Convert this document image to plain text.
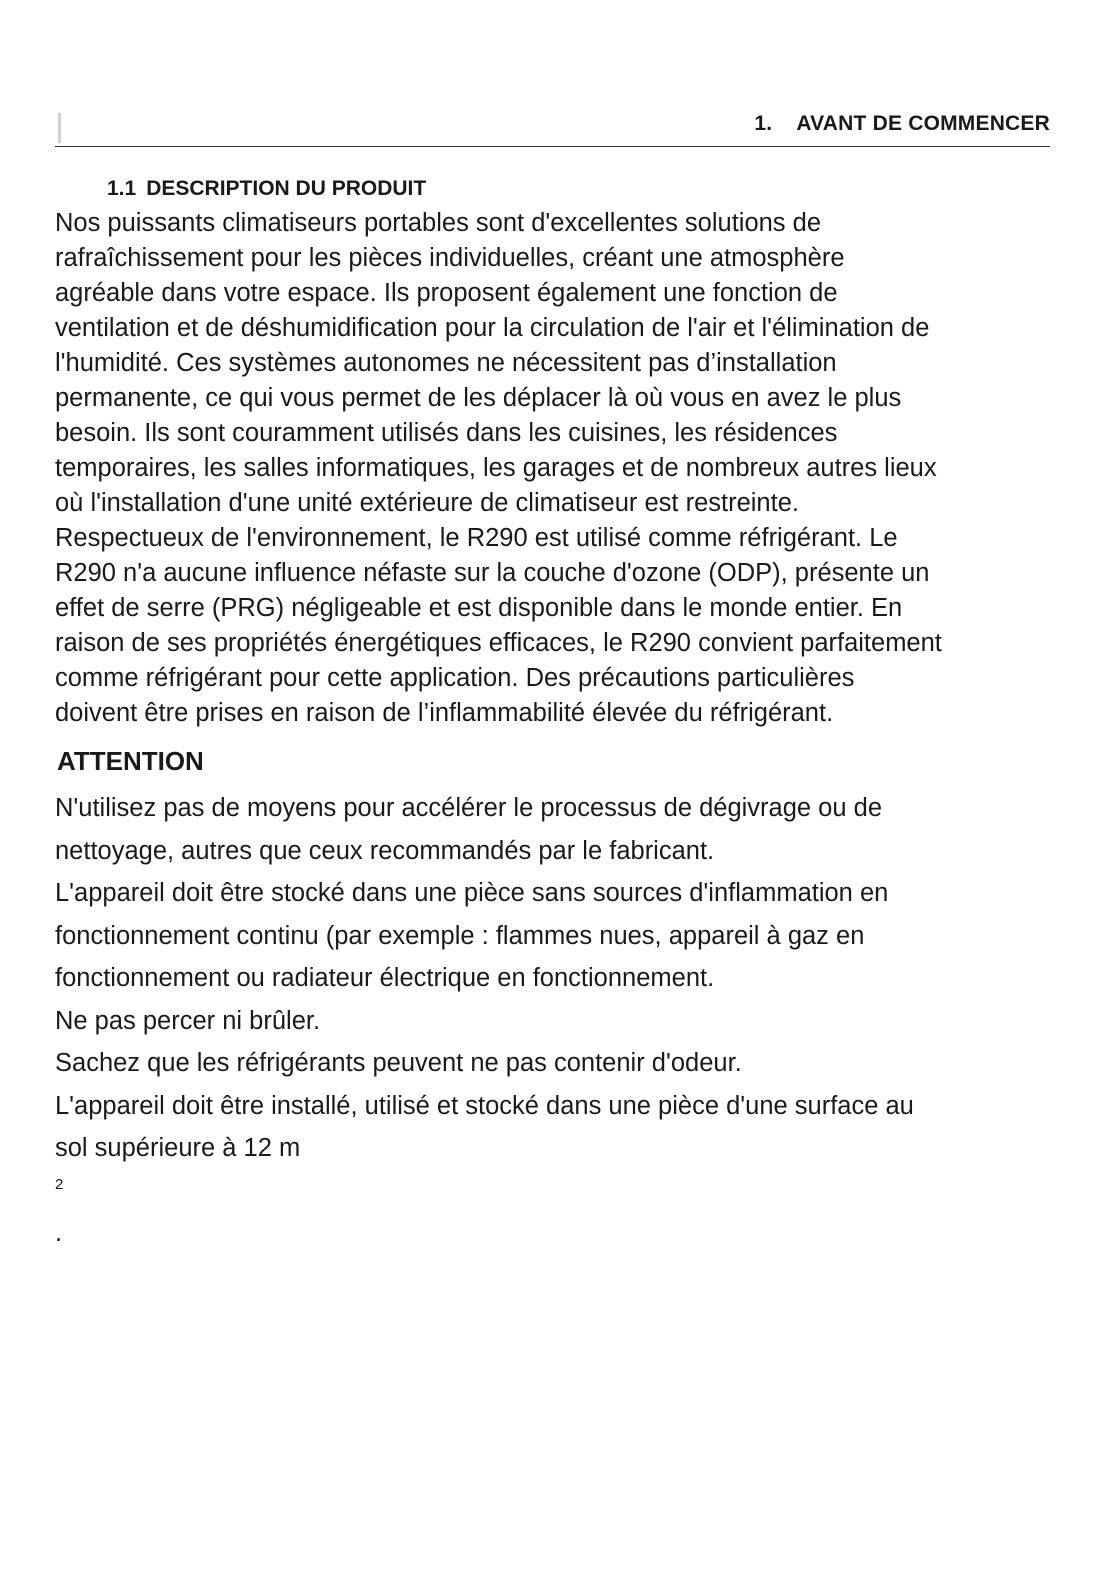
1. AVANT DE COMMENCER
1.1 DESCRIPTION DU PRODUIT

Nos puissants climatiseurs portables sont d'excellentes solutions de
rafraîchissement pour les pièces individuelles, créant une atmosphère
agréable dans votre espace. Ils proposent également une fonction de
ventilation et de déshumidification pour la circulation de l'air et l'élimination de
l'humidité. Ces systèmes autonomes ne nécessitent pas d’installation
permanente, ce qui vous permet de les déplacer là où vous en avez le plus
besoin. Ils sont couramment utilisés dans les cuisines, les résidences
temporaires, les salles informatiques, les garages et de nombreux autres lieux
où l'installation d'une unité extérieure de climatiseur est restreinte.
Respectueux de l'environnement, le R290 est utilisé comme réfrigérant. Le
R290 n'a aucune influence néfaste sur la couche d'ozone (ODP), présente un
effet de serre (PRG) négligeable et est disponible dans le monde entier. En
raison de ses propriétés énergétiques efficaces, le R290 convient parfaitement
comme réfrigérant pour cette application. Des précautions particulières
doivent être prises en raison de l’inflammabilité élevée du réfrigérant.

ATTENTION
N'utilisez pas de moyens pour accélérer le processus de dégivrage ou de
nettoyage, autres que ceux recommandés par le fabricant.
L'appareil doit être stocké dans une pièce sans sources d'inflammation en
fonctionnement continu (par exemple : flammes nues, appareil à gaz en
fonctionnement ou radiateur électrique en fonctionnement.
Ne pas percer ni brûler.
Sachez que les réfrigérants peuvent ne pas contenir d'odeur.
L'appareil doit être installé, utilisé et stocké dans une pièce d'une surface au
sol supérieure à 12 m
$^2$
.
